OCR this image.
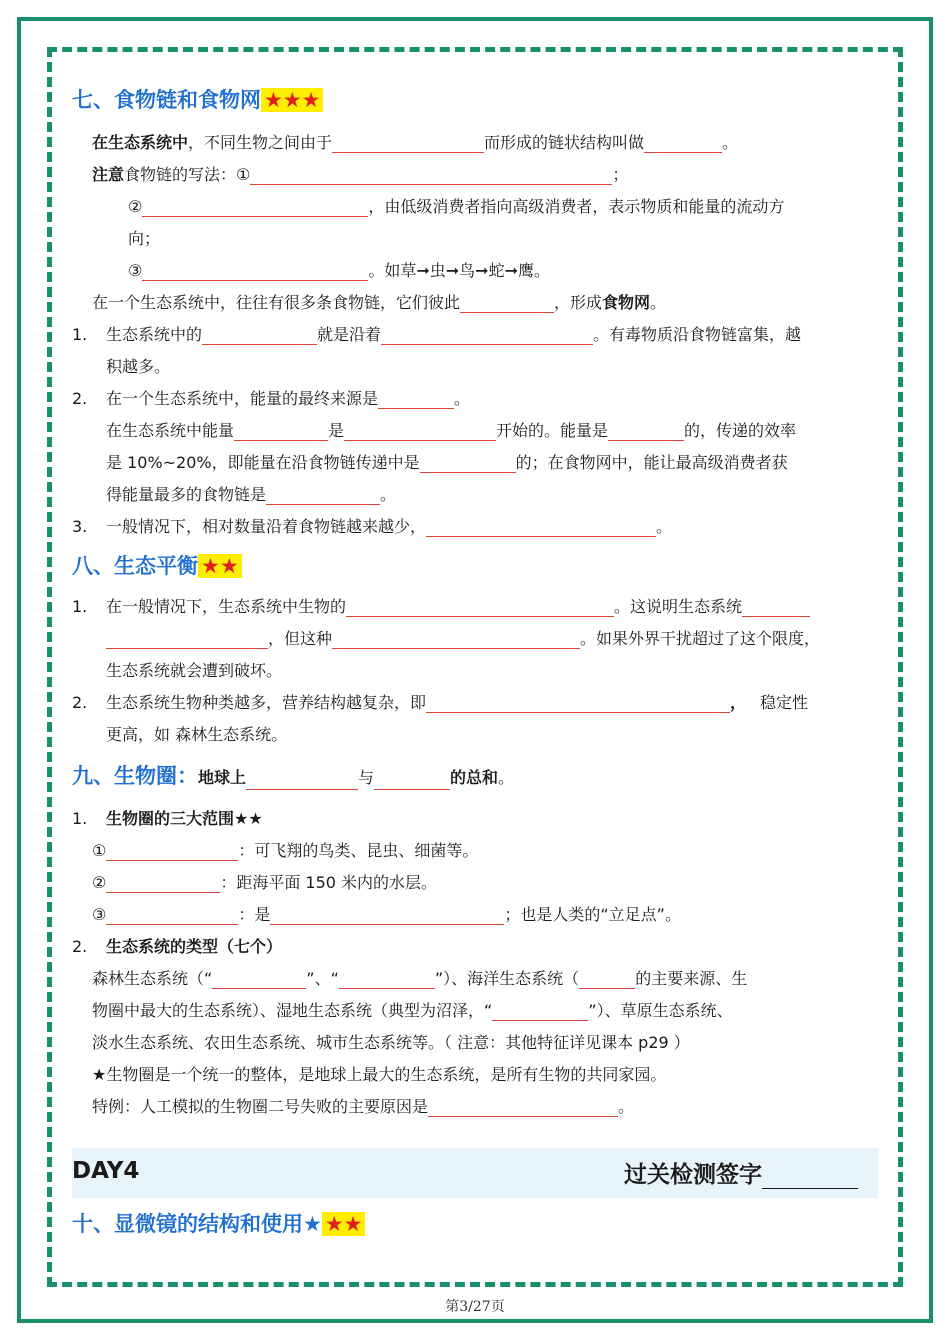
七、食物链和食物网 ★★★
在生态系统中，不同生物之间由于	而形成的链状结构叫做	。
注意食物链的写法：①	；
②	，由低级消费者指向高级消费者，表示物质和能量的流动方
向；
③	。如草➞虫➞鸟➞蛇➞鹰。
在一个生态系统中，往往有很多条食物链，它们彼此	，形成食物网。
1. 生态系统中的	就是沿着	。有毒物质沿食物链富集，越
积越多。
2. 在一个生态系统中，能量的最终来源是	。
在生态系统中能量	是	开始的。能量是	的，传递的效率
是 10%~20%，即能量在沿食物链传递中是	的；在食物网中，能让最高级消费者获
得能量最多的食物链是	。
3. 一般情况下，相对数量沿着食物链越来越少，	。
八、生态平衡 ★★
1. 在一般情况下，生态系统中生物的	。这说明生态系统
，但这种	。如果外界干扰超过了这个限度，
生态系统就会遭到破坏。
2. 生态系统生物种类越多，营养结构越复杂，即	， 稳定性
更高，如 森林生态系统。
九、生物圈：地球上	与	的总和。
1. 生物圈的三大范围★★
①	：可飞翔的鸟类、昆虫、细菌等。
②	：距海平面 150 米内的水层。
③	：是	；也是人类的“立足点”。
2. 生态系统的类型（七个）
森林生态系统（“	”、“	”）、海洋生态系统（	的主要来源、生
物圈中最大的生态系统）、湿地生态系统（典型为沼泽，“	”）、草原生态系统、
淡水生态系统、农田生态系统、城市生态系统等。（ 注意：其他特征详见课本 p29 ）
★生物圈是一个统一的整体，是地球上最大的生态系统，是所有生物的共同家园。
特例：人工模拟的生物圈二号失败的主要原因是	。
DAY4	过关检测签字
十、显微镜的结构和使用★ ★★
第3/27页
